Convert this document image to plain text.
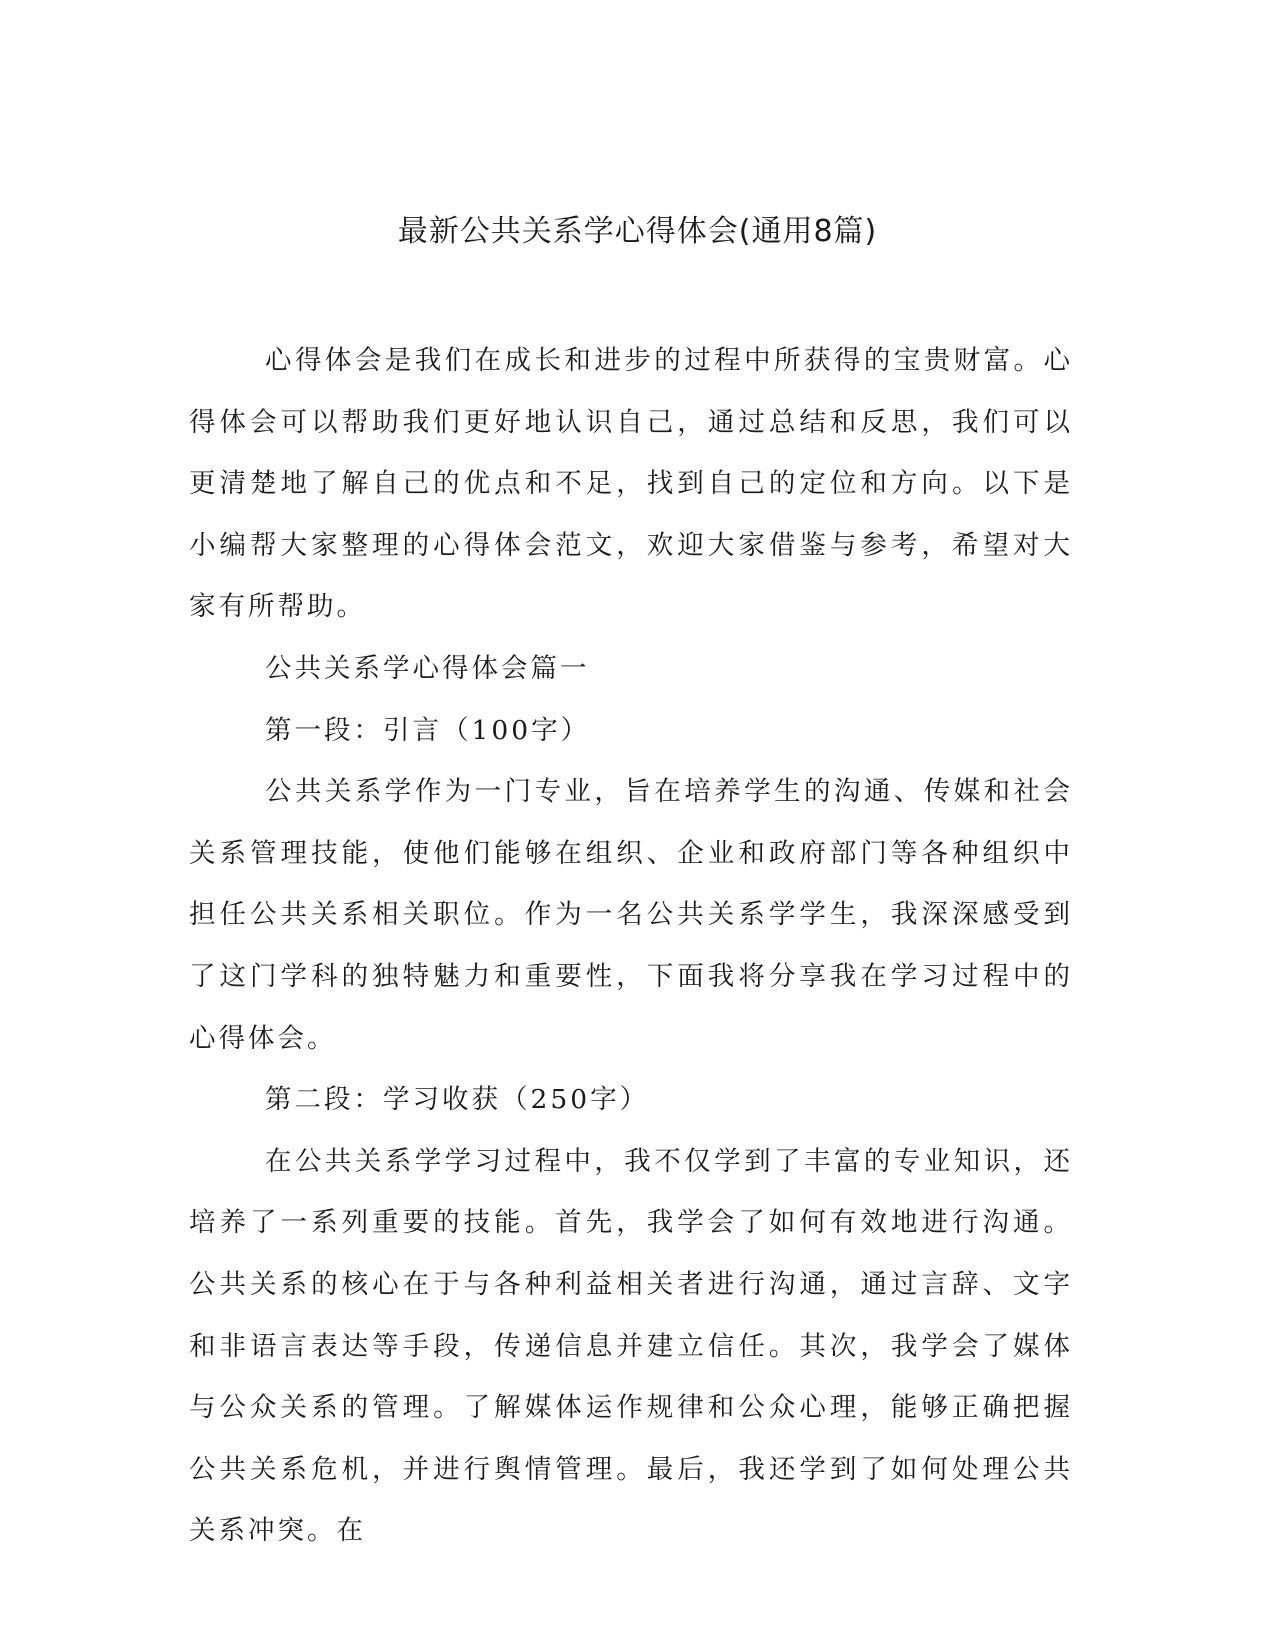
最新公共关系学心得体会(通用8篇)

心得体会是我们在成长和进步的过程中所获得的宝贵财富。心得体会可以帮助我们更好地认识自己，通过总结和反思，我们可以更清楚地了解自己的优点和不足，找到自己的定位和方向。以下是小编帮大家整理的心得体会范文，欢迎大家借鉴与参考，希望对大家有所帮助。

公共关系学心得体会篇一

第一段：引言（100字）

公共关系学作为一门专业，旨在培养学生的沟通、传媒和社会关系管理技能，使他们能够在组织、企业和政府部门等各种组织中担任公共关系相关职位。作为一名公共关系学学生，我深深感受到了这门学科的独特魅力和重要性，下面我将分享我在学习过程中的心得体会。

第二段：学习收获（250字）

在公共关系学学习过程中，我不仅学到了丰富的专业知识，还培养了一系列重要的技能。首先，我学会了如何有效地进行沟通。公共关系的核心在于与各种利益相关者进行沟通，通过言辞、文字和非语言表达等手段，传递信息并建立信任。其次，我学会了媒体与公众关系的管理。了解媒体运作规律和公众心理，能够正确把握公共关系危机，并进行舆情管理。最后，我还学到了如何处理公共关系冲突。在
